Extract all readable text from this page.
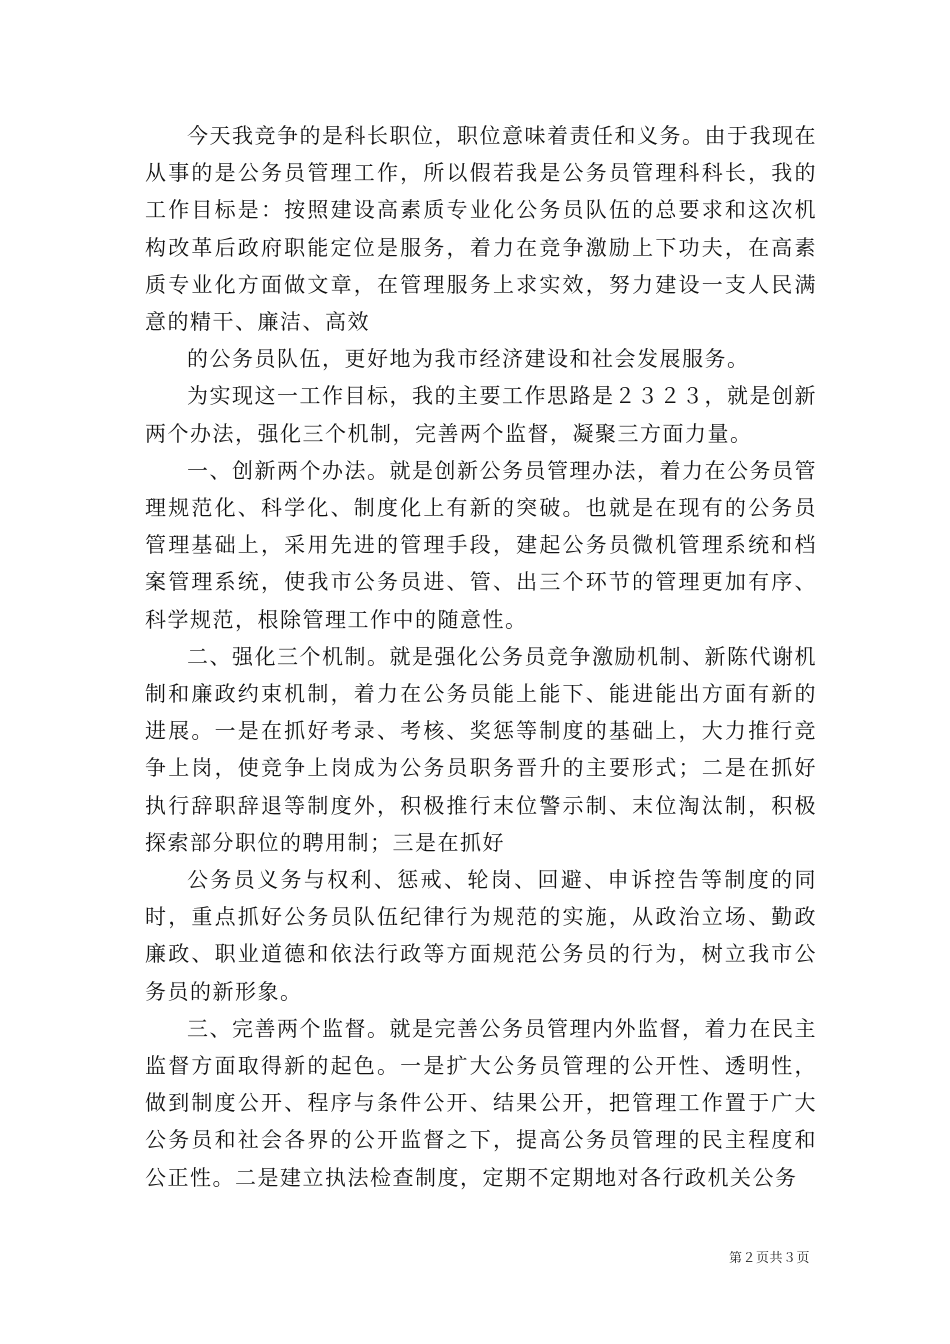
今天我竞争的是科长职位，职位意味着责任和义务。由于我现在从事的是公务员管理工作，所以假若我是公务员管理科科长，我的工作目标是：按照建设高素质专业化公务员队伍的总要求和这次机构改革后政府职能定位是服务，着力在竞争激励上下功夫，在高素质专业化方面做文章，在管理服务上求实效，努力建设一支人民满意的精干、廉洁、高效

的公务员队伍，更好地为我市经济建设和社会发展服务。

为实现这一工作目标，我的主要工作思路是２３２３，就是创新两个办法，强化三个机制，完善两个监督，凝聚三方面力量。

一、创新两个办法。就是创新公务员管理办法，着力在公务员管理规范化、科学化、制度化上有新的突破。也就是在现有的公务员管理基础上，采用先进的管理手段，建起公务员微机管理系统和档案管理系统，使我市公务员进、管、出三个环节的管理更加有序、科学规范，根除管理工作中的随意性。

二、强化三个机制。就是强化公务员竞争激励机制、新陈代谢机制和廉政约束机制，着力在公务员能上能下、能进能出方面有新的进展。一是在抓好考录、考核、奖惩等制度的基础上，大力推行竞争上岗，使竞争上岗成为公务员职务晋升的主要形式；二是在抓好执行辞职辞退等制度外，积极推行末位警示制、末位淘汰制，积极探索部分职位的聘用制；三是在抓好

公务员义务与权利、惩戒、轮岗、回避、申诉控告等制度的同时，重点抓好公务员队伍纪律行为规范的实施，从政治立场、勤政廉政、职业道德和依法行政等方面规范公务员的行为，树立我市公务员的新形象。

三、完善两个监督。就是完善公务员管理内外监督，着力在民主监督方面取得新的起色。一是扩大公务员管理的公开性、透明性，做到制度公开、程序与条件公开、结果公开，把管理工作置于广大公务员和社会各界的公开监督之下，提高公务员管理的民主程度和公正性。二是建立执法检查制度，定期不定期地对各行政机关公务

第２页共３页
